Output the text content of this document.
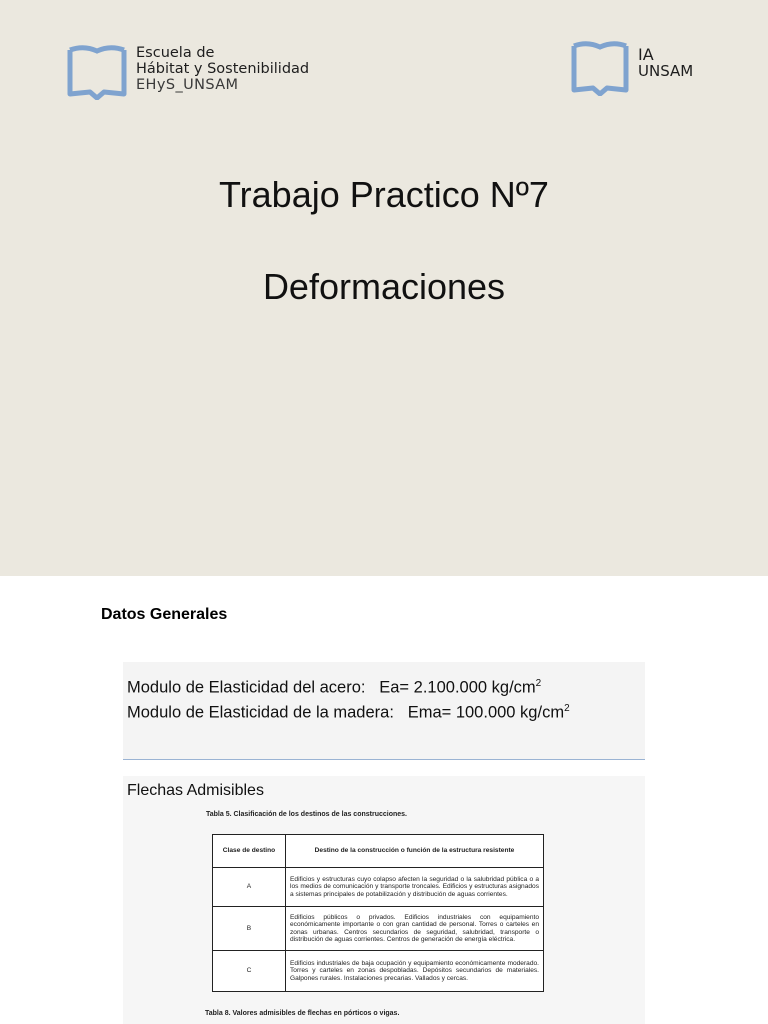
Escuela de
Hábitat y Sostenibilidad
EHyS_UNSAM
IA
UNSAM
Trabajo Practico Nº7
Deformaciones
Datos Generales
Modulo de Elasticidad del acero: Ea= 2.100.000 $kg/cm^2$
Modulo de Elasticidad de la madera: Ema= 100.000 $kg/cm^2$
Flechas Admisibles
Tabla 5. Clasificación de los destinos de las construcciones.
Clase de destino	Destino de la construcción o función de la estructura resistente
A	Edificios y estructuras cuyo colapso afecten la seguridad o la salubridad pública o a los medios de comunicación y transporte troncales. Edificios y estructuras asignados a sistemas principales de potabilización y distribución de aguas corrientes.
B	Edificios públicos o privados. Edificios industriales con equipamiento económicamente importante o con gran cantidad de personal. Torres o carteles en zonas urbanas. Centros secundarios de seguridad, salubridad, transporte o distribución de aguas corrientes. Centros de generación de energía eléctrica.
C	Edificios industriales de baja ocupación y equipamiento económicamente moderado. Torres y carteles en zonas despobladas. Depósitos secundarios de materiales. Galpones rurales. Instalaciones precarias. Vallados y cercas.
Tabla 8. Valores admisibles de flechas en pórticos o vigas.
